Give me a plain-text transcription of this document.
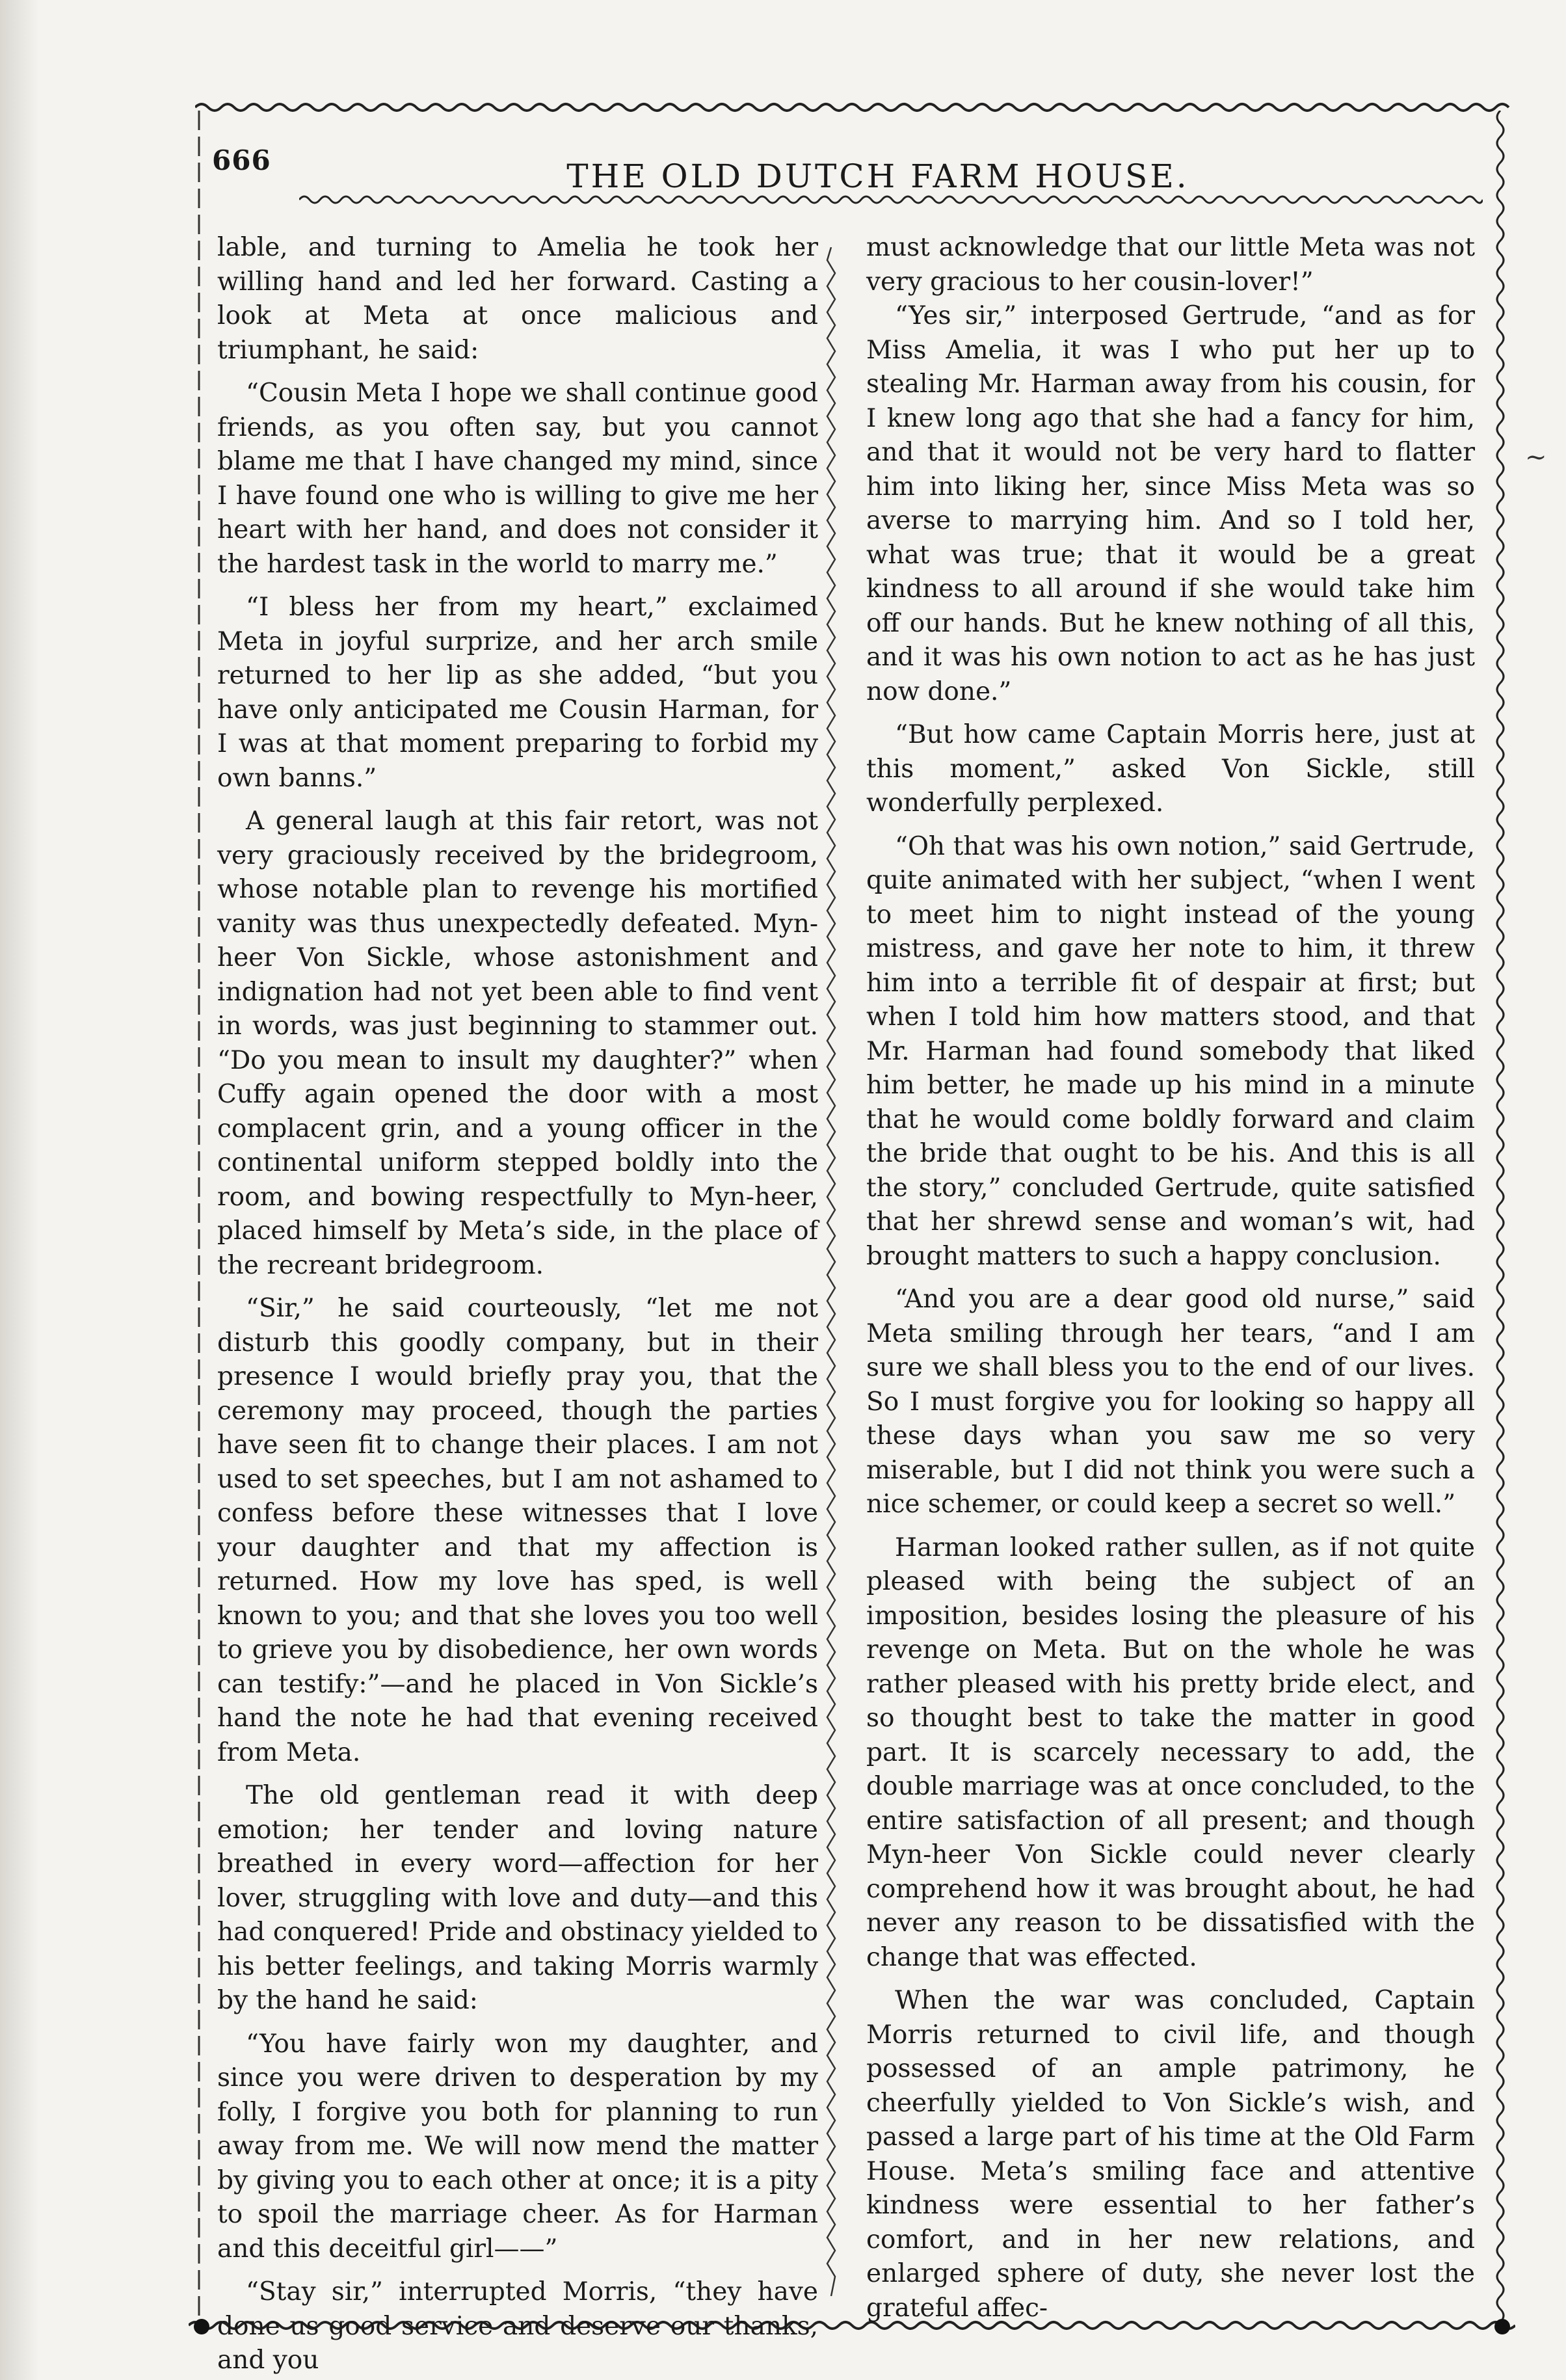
666	THE OLD DUTCH FARM HOUSE.

lable, and turning to Amelia he took her willing hand and led her forward. Casting a look at Meta at once malicious and triumphant, he said:

“Cousin Meta I hope we shall continue good friends, as you often say, but you cannot blame me that I have changed my mind, since I have found one who is willing to give me her heart with her hand, and does not consider it the hardest task in the world to marry me.”

“I bless her from my heart,” exclaimed Meta in joyful surprize, and her arch smile returned to her lip as she added, “but you have only anticipated me Cousin Harman, for I was at that moment preparing to forbid my own banns.”

A general laugh at this fair retort, was not very graciously received by the bridegroom, whose notable plan to revenge his mortified vanity was thus unexpectedly defeated. Myn-heer Von Sickle, whose astonishment and indignation had not yet been able to find vent in words, was just beginning to stammer out. “Do you mean to insult my daughter?” when Cuffy again opened the door with a most complacent grin, and a young officer in the continental uniform stepped boldly into the room, and bowing respectfully to Myn-heer, placed himself by Meta’s side, in the place of the recreant bridegroom.

“Sir,” he said courteously, “let me not disturb this goodly company, but in their presence I would briefly pray you, that the ceremony may proceed, though the parties have seen fit to change their places. I am not used to set speeches, but I am not ashamed to confess before these witnesses that I love your daughter and that my affection is returned. How my love has sped, is well known to you; and that she loves you too well to grieve you by disobedience, her own words can testify:”—and he placed in Von Sickle’s hand the note he had that evening received from Meta.

The old gentleman read it with deep emotion; her tender and loving nature breathed in every word—affection for her lover, struggling with love and duty—and this had conquered! Pride and obstinacy yielded to his better feelings, and taking Morris warmly by the hand he said:

“You have fairly won my daughter, and since you were driven to desperation by my folly, I forgive you both for planning to run away from me. We will now mend the matter by giving you to each other at once; it is a pity to spoil the marriage cheer. As for Harman and this deceitful girl——”

“Stay sir,” interrupted Morris, “they have done us good service and deserve our thanks, and you

must acknowledge that our little Meta was not very gracious to her cousin-lover!”

“Yes sir,” interposed Gertrude, “and as for Miss Amelia, it was I who put her up to stealing Mr. Harman away from his cousin, for I knew long ago that she had a fancy for him, and that it would not be very hard to flatter him into liking her, since Miss Meta was so averse to marrying him. And so I told her, what was true; that it would be a great kindness to all around if she would take him off our hands. But he knew nothing of all this, and it was his own notion to act as he has just now done.”

“But how came Captain Morris here, just at this moment,” asked Von Sickle, still wonderfully perplexed.

“Oh that was his own notion,” said Gertrude, quite animated with her subject, “when I went to meet him to night instead of the young mistress, and gave her note to him, it threw him into a terrible fit of despair at first; but when I told him how matters stood, and that Mr. Harman had found somebody that liked him better, he made up his mind in a minute that he would come boldly forward and claim the bride that ought to be his. And this is all the story,” concluded Gertrude, quite satisfied that her shrewd sense and woman’s wit, had brought matters to such a happy conclusion.

“And you are a dear good old nurse,” said Meta smiling through her tears, “and I am sure we shall bless you to the end of our lives. So I must forgive you for looking so happy all these days whan you saw me so very miserable, but I did not think you were such a nice schemer, or could keep a secret so well.”

Harman looked rather sullen, as if not quite pleased with being the subject of an imposition, besides losing the pleasure of his revenge on Meta. But on the whole he was rather pleased with his pretty bride elect, and so thought best to take the matter in good part. It is scarcely necessary to add, the double marriage was at once concluded, to the entire satisfaction of all present; and though Myn-heer Von Sickle could never clearly comprehend how it was brought about, he had never any reason to be dissatisfied with the change that was effected.

When the war was concluded, Captain Morris returned to civil life, and though possessed of an ample patrimony, he cheerfully yielded to Von Sickle’s wish, and passed a large part of his time at the Old Farm House. Meta’s smiling face and attentive kindness were essential to her father’s comfort, and in her new relations, and enlarged sphere of duty, she never lost the grateful affec-

~
